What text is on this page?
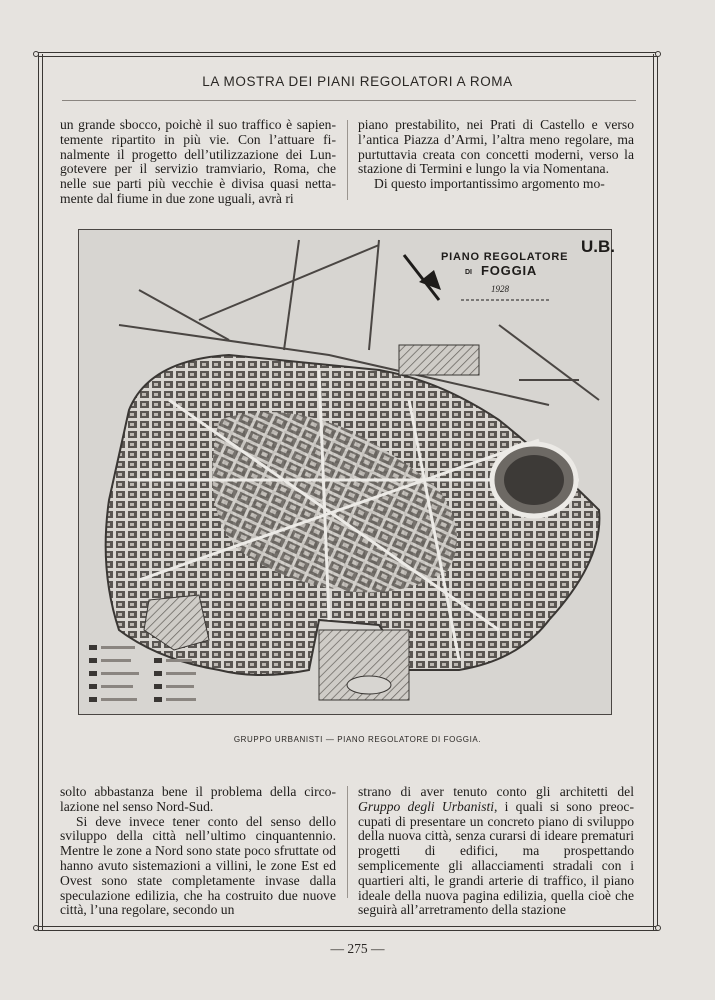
LA MOSTRA DEI PIANI REGOLATORI A ROMA

un grande sbocco, poichè il suo traffico è sapientemente ripartito in più vie. Con l’attuare finalmente il progetto dell’utilizzazione dei Lungotevere per il servizio tramviario, Roma, che nelle sue parti più vecchie è divisa quasi nettamente dal fiume in due zone uguali, avrà ri

piano prestabilito, nei Prati di Castello e verso l’antica Piazza d’Armi, l’altra meno regolare, ma purtuttavia creata con concetti moderni, verso la stazione di Termini e lungo la via Nomentana.

Di questo importantissimo argomento mo-

PIANO REGOLATORE
DI FOGGIA
1928
U.B.
GRUPPO URBANISTI — PIANO REGOLATORE DI FOGGIA.

solto abbastanza bene il problema della circolazione nel senso Nord-Sud.

Si deve invece tener conto del senso dello sviluppo della città nell’ultimo cinquantennio. Mentre le zone a Nord sono state poco sfruttate od hanno avuto sistemazioni a villini, le zone Est ed Ovest sono state completamente invase dalla speculazione edilizia, che ha costruito due nuove città, l’una regolare, secondo un

strano di aver tenuto conto gli architetti del Gruppo degli Urbanisti, i quali si sono preoccupati di presentare un concreto piano di sviluppo della nuova città, senza curarsi di ideare prematuri progetti di edifici, ma prospettando semplicemente gli allacciamenti stradali con i quartieri alti, le grandi arterie di traffico, il piano ideale della nuova pagina edilizia, quella cioè che seguirà all’arretramento della stazione

— 275 —
